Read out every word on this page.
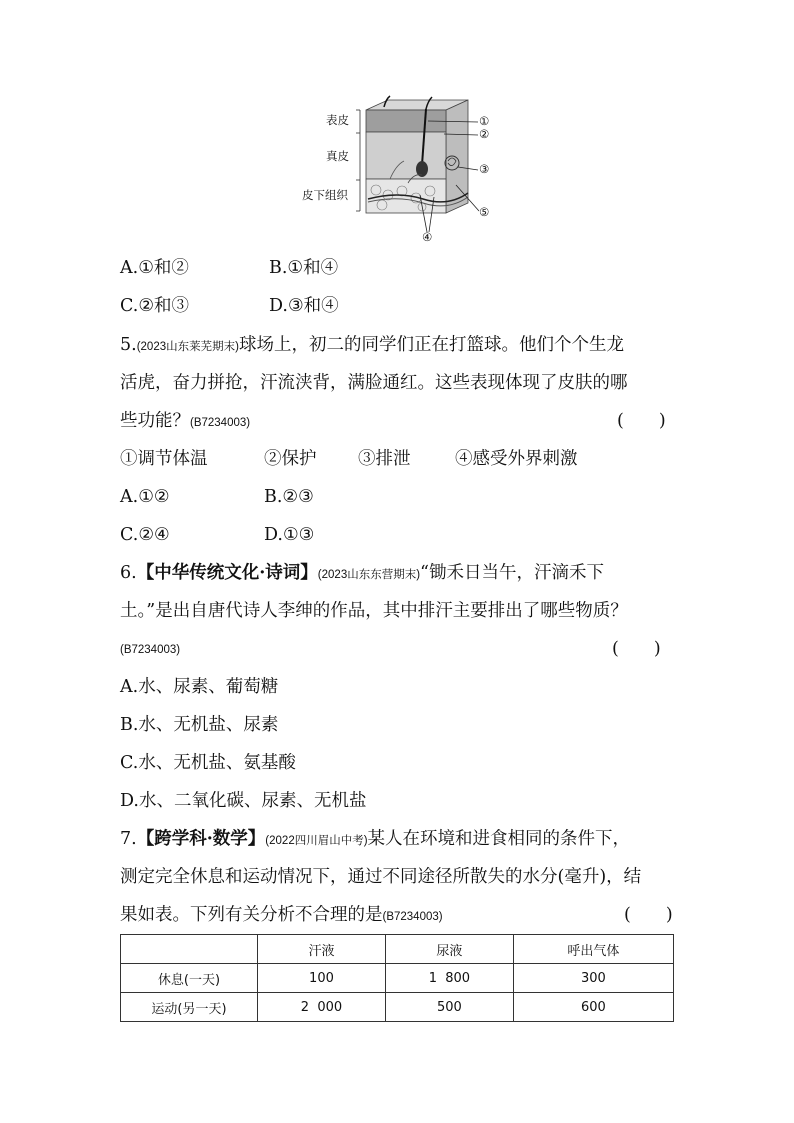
表皮
真皮
皮下组织
①
②
③
⑤
④
A.①和②	B.①和④
C.②和③	D.③和④
5.(2023山东莱芜期末)球场上，初二的同学们正在打篮球。他们个个生龙
活虎，奋力拼抢，汗流浃背，满脸通红。这些表现体现了皮肤的哪
些功能？(B7234003)	(　　)
①调节体温	②保护 ③排泄	④感受外界刺激
A.①②	B.②③
C.②④	D.①③
6.【中华传统文化·诗词】(2023山东东营期末)“锄禾日当午，汗滴禾下
土。”是出自唐代诗人李绅的作品，其中排汗主要排出了哪些物质？
(B7234003)	(　　)
A.水、尿素、葡萄糖
B.水、无机盐、尿素
C.水、无机盐、氨基酸
D.水、二氧化碳、尿素、无机盐
7.【跨学科·数学】(2022四川眉山中考)某人在环境和进食相同的条件下，
测定完全休息和运动情况下，通过不同途径所散失的水分(毫升)，结
果如表。下列有关分析不合理的是(B7234003)	(　　)
	汗液	尿液	呼出气体
休息(一天)	100	1  800	300
运动(另一天)	2  000	500	600
